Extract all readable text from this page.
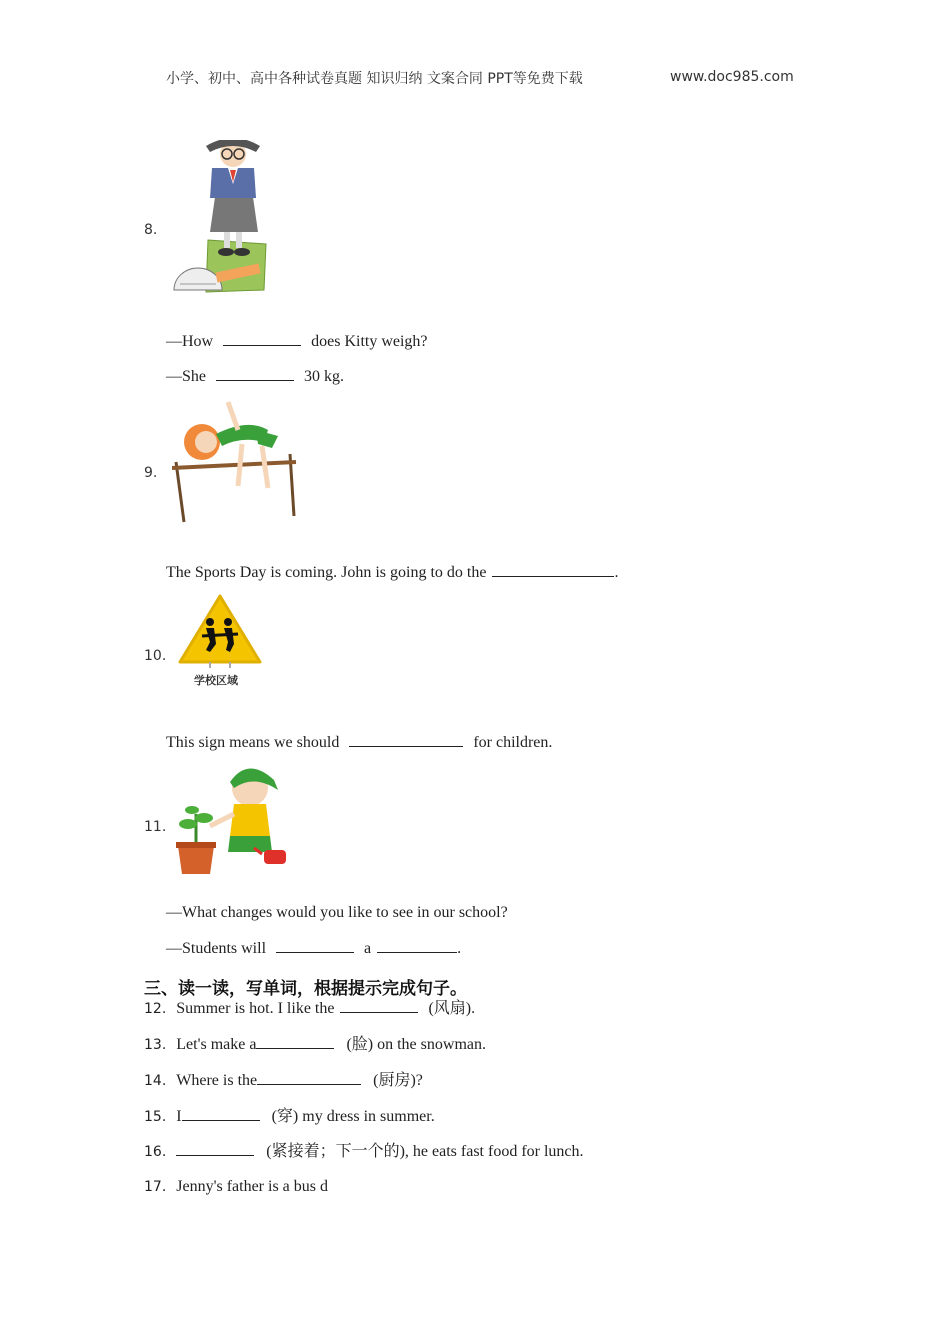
小学、初中、高中各种试卷真题 知识归纳 文案合同 PPT等免费下载	www.doc985.com
8.
—How	does Kitty weigh?
—She	30 kg.
9.
The Sports Day is coming. John is going to do the	.
10.
学校区域
This sign means we should	for children.
11.
—What changes would you like to see in our school?
—Students will	a	.
三、读一读，写单词，根据提示完成句子。
12. Summer is hot. I like the	(风扇).
13. Let's make a	(脸) on the snowman.
14. Where is the	(厨房)?
15. I	(穿) my dress in summer.
16.	(紧接着；下一个的), he eats fast food for lunch.
17. Jenny's father is a bus d
